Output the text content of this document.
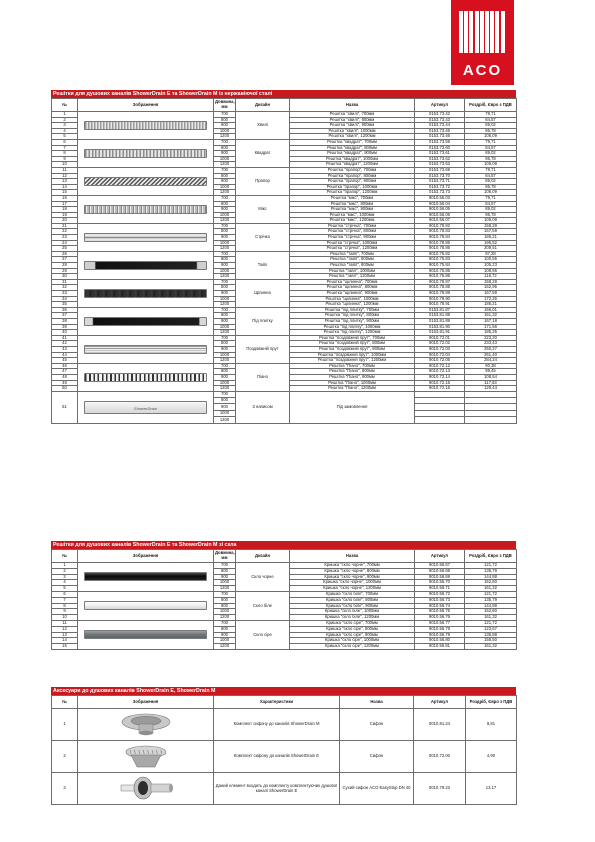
ACO
Решітки для душових каналів ShowerDrain E та ShowerDrain M із нержавіючої сталі
№	Зображення	Довжина, мм	Дизайн	Назва	Артикул	Роздріб, Євро з ПДВ
1		700	Хвилі	Решітка "хвилі", 700мм	0153.73.42	79,71
2		800		Решітка "хвилі", 800мм	0153.73.43	84,57
3		900		Решітка "хвилі", 900мм	0153.73.44	89,02
4		1000		Решітка "хвилі", 1000мм	0153.73.45	95,78
5		1200		Решітка "хвилі", 1200мм	0153.73.46	106,09
6		700	Квадрат	Решітка "квадрат", 700мм	0153.73.59	79,71
7		800		Решітка "квадрат", 800мм	0153.73.60	84,57
8		900		Решітка "квадрат", 900мм	0153.73.61	89,02
9		1000		Решітка "квадрат", 1000мм	0153.73.62	95,78
10		1200		Решітка "квадрат", 1200мм	0153.73.63	106,09
11		700	Прапор	Решітка "прапор", 700мм	0153.73.69	79,71
12		800		Решітка "прапор", 800мм	0153.73.70	84,57
13		900		Решітка "прапор", 900мм	0153.73.71	89,02
14		1000		Решітка "прапор", 1000мм	0153.73.72	95,78
15		1200		Решітка "прапор", 1200мм	0153.73.73	106,09
16		700	Мікс	Решітка "мікс", 700мм	9010.56.03	79,71
17		800		Решітка "мікс", 800мм	9010.56.04	84,57
18		900		Решітка "мікс", 900мм	9010.56.05	89,02
19		1000		Решітка "мікс", 1000мм	9010.56.06	95,78
20		1200		Решітка "мікс", 1200мм	9010.56.07	106,09
21		700	Стрічка	Решітка "стрічка", 700мм	9010.78.82	158,28
22		800		Решітка "стрічка", 800мм	9010.78.83	167,59
23		900		Решітка "стрічка", 900мм	9010.78.84	186,21
24		1000		Решітка "стрічка", 1000мм	9010.78.85	195,52
25		1200		Решітка "стрічка", 1200мм	9010.78.86	209,51
26		700	Тайл	Решітка "тайл", 700мм	9010.75.82	97,28
27		800		Решітка "тайл", 800мм	9010.75.83	100,55
28		900		Решітка "тайл", 900мм	9010.75.84	105,23
29		1000		Решітка "тайл", 1000мм	9010.75.85	108,95
30		1200		Решітка "тайл", 1200мм	9010.76.86	118,72
31		700	Щілинна	Решітка "щілинна", 700мм	9010.78.87	158,28
32		800		Решітка "щілинна", 800мм	9010.78.88	162,95
33		900		Решітка "щілинна", 900мм	9010.78.89	167,59
34		1000		Решітка "щілинна", 1000мм	9010.78.90	172,26
35		1200		Решітка "щілинна", 1200мм	9010.78.91	186,21
36		700	Під плитку	Решітка "під плитку", 700мм	0153.81.87	156,01
37		800		Решітка "під плитку", 800мм	0153.81.88	161,32
38		900		Решітка "під плитку", 900мм	0153.81.89	167,18
39		1000		Решітка "під плитку", 1000мм	0153.81.90	171,56
40		1200		Решітка "під плитку", 1200мм	0153.81.91	185,35
41		700	Поздовжній прут	Решітка "поздовжній прут", 700мм	9010.72.01	223,20
42		800		Решітка "поздовжній прут", 800мм	9010.72.02	233,43
43		900		Решітка "поздовжній прут", 900мм	9010.72.03	250,27
44		1000		Решітка "поздовжній прут", 1000мм	9010.72.04	261,40
45		1200		Решітка "поздовжній прут", 1200мм	9010.72.05	284,24
46		700	Піано	Решітка "Піано", 700мм	9010.72.12	90,38
47		800		Решітка "Піано", 800мм	9010.72.13	99,45
48		900		Решітка "Піано", 900мм	9010.72.14	108,54
49		1000		Решітка "Піано", 1000мм	9010.72.15	117,63
50		1200		Решітка "Піано", 1200мм	9010.72.16	129,44
51	ShowerDrain	700	З написом	Під замовлення		
		800				
		900				
		1000				
		1200				
Решітки для душових каналів ShowerDrain E та ShowerDrain M зі скла
№	Зображення	Довжина, мм	Дизайн	Назва	Артикул	Роздріб, Євро з ПДВ
1		700	Скло чорне	Кришка "скло чорне", 700мм	9010.56.67	121,72
2		800		Кришка "скло чорне", 800мм	9010.56.68	135,79
3		900		Кришка "скло чорне", 900мм	9010.56.69	144,88
4		1000		Кришка "скло чорне", 1000мм	9010.56.70	152,60
5		1200		Кришка "скло чорне", 1200мм	9010.56.71	161,32
6		700	Скло біле	Кришка "скло біле", 700мм	9010.56.72	121,72
7		800		Кришка "скло біле", 800мм	9010.56.73	135,79
8		900		Кришка "скло біле", 900мм	9010.56.74	144,88
9		1000		Кришка "скло біле", 1000мм	9010.56.75	152,60
10		1200		Кришка "скло біле", 1200мм	9010.56.76	161,32
11		700	Скло сіре	Кришка "скло сіре", 700мм	9010.56.77	121,72
12		800		Кришка "скло сіре", 800мм	9010.56.78	123,67
13		900		Кришка "скло сіре", 900мм	9010.56.79	136,88
14		1000		Кришка "скло сіре", 1000мм	9010.56.80	158,50
15		1200		Кришка "скло сіре", 1200мм	9010.56.81	161,32
Аксесуари до душових каналів ShowerDrain E, ShowerDrain M
№	Зображення	Характеристики	Назва	Артикул	Роздріб, Євро з ПДВ
1		Комплект сифону до каналів ShowerDrain M	Сифон	0010.81.24	9,81
2		Комплект сифону до каналів ShowerDrain E	Сифон	0010.72.00	4,90
3		Даний елемент входить до комплекту комплектуючих душової каналі ShowerDrain E	Сухий сифон ACO EasyStop DN 40	0010.79.23	13,17
